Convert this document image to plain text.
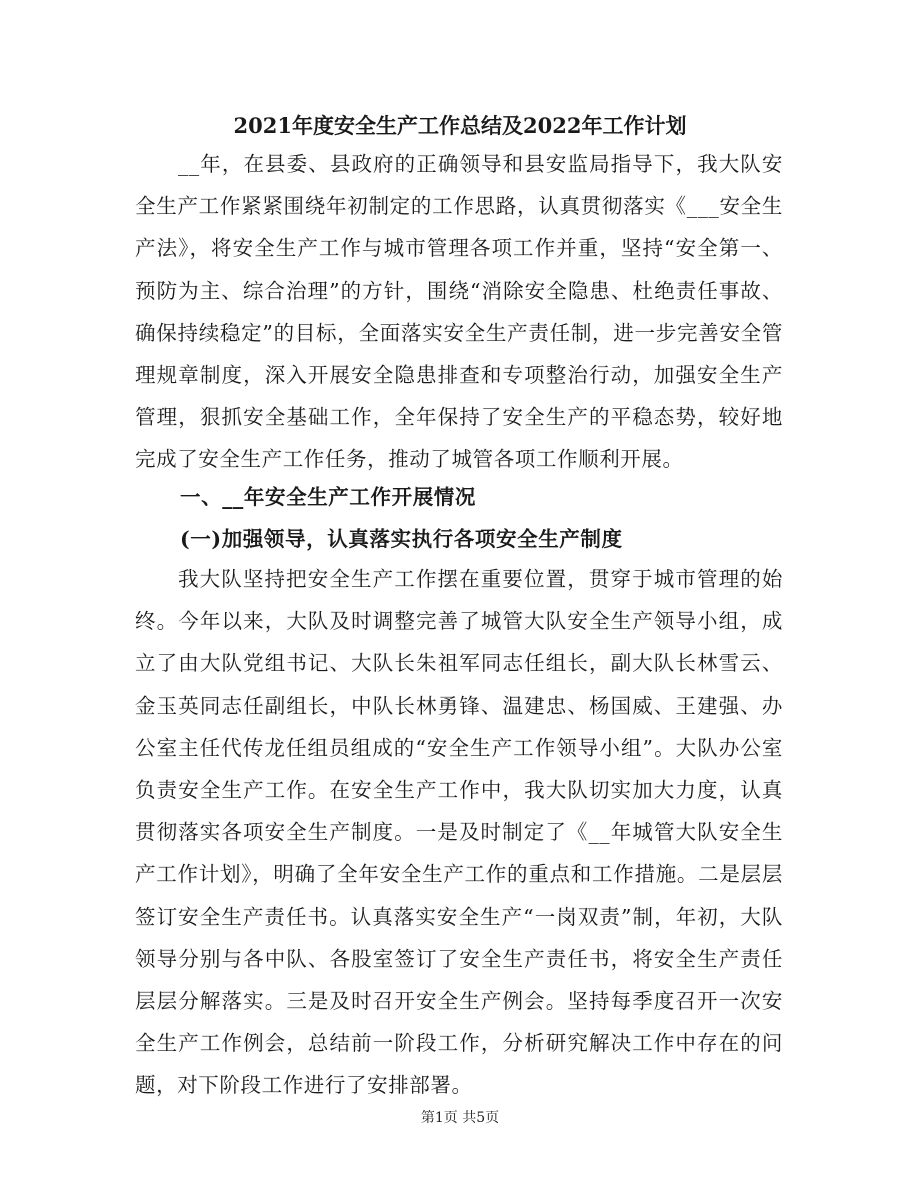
2021年度安全生产工作总结及2022年工作计划
__年，在县委、县政府的正确领导和县安监局指导下，我大队安全生产工作紧紧围绕年初制定的工作思路，认真贯彻落实《___安全生产法》，将安全生产工作与城市管理各项工作并重，坚持“安全第一、预防为主、综合治理”的方针，围绕“消除安全隐患、杜绝责任事故、确保持续稳定”的目标，全面落实安全生产责任制，进一步完善安全管理规章制度，深入开展安全隐患排查和专项整治行动，加强安全生产管理，狠抓安全基础工作，全年保持了安全生产的平稳态势，较好地完成了安全生产工作任务，推动了城管各项工作顺利开展。
一、__年安全生产工作开展情况
(一)加强领导，认真落实执行各项安全生产制度
我大队坚持把安全生产工作摆在重要位置，贯穿于城市管理的始终。今年以来，大队及时调整完善了城管大队安全生产领导小组，成立了由大队党组书记、大队长朱祖军同志任组长，副大队长林雪云、金玉英同志任副组长，中队长林勇锋、温建忠、杨国威、王建强、办公室主任代传龙任组员组成的“安全生产工作领导小组”。大队办公室负责安全生产工作。在安全生产工作中，我大队切实加大力度，认真贯彻落实各项安全生产制度。一是及时制定了《__年城管大队安全生产工作计划》，明确了全年安全生产工作的重点和工作措施。二是层层签订安全生产责任书。认真落实安全生产“一岗双责”制，年初，大队领导分别与各中队、各股室签订了安全生产责任书，将安全生产责任层层分解落实。三是及时召开安全生产例会。坚持每季度召开一次安全生产工作例会，总结前一阶段工作，分析研究解决工作中存在的问题，对下阶段工作进行了安排部署。
第1页 共5页
